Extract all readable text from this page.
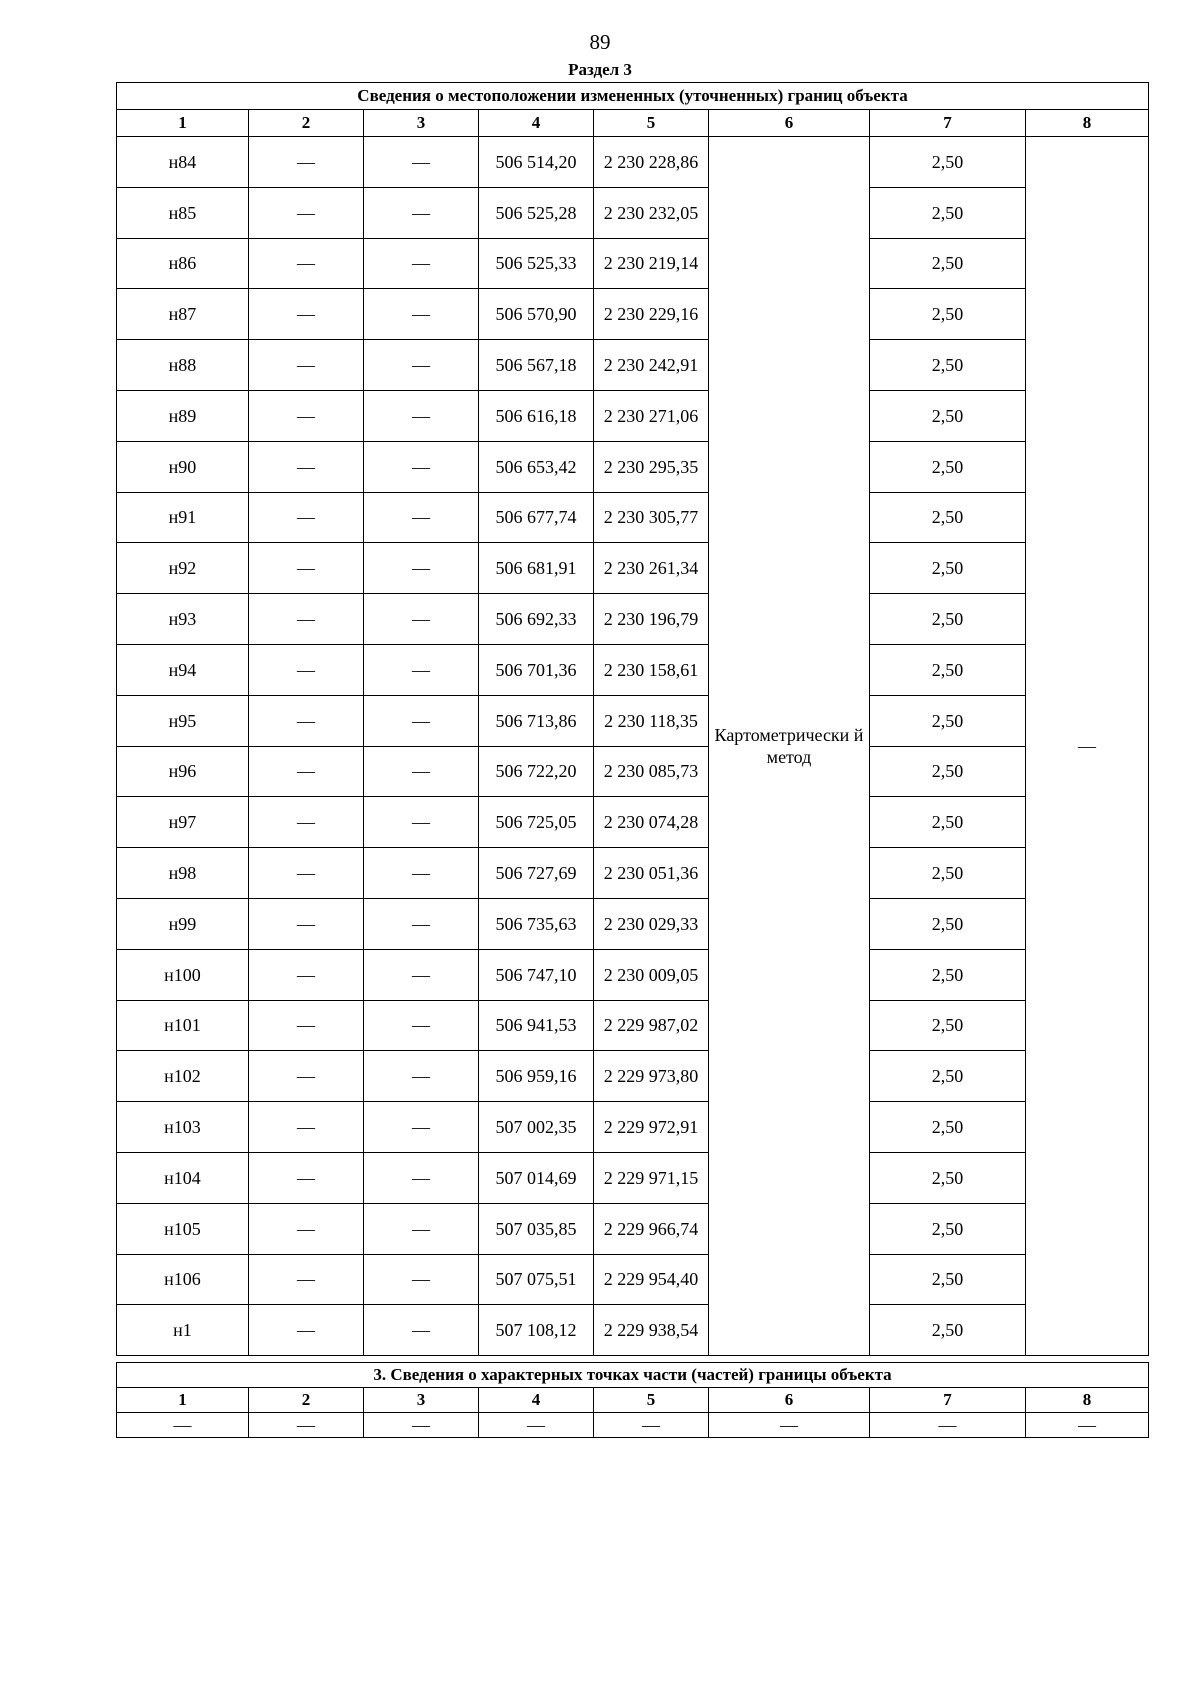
89
Раздел 3
Сведения о местоположении измененных (уточненных) границ объекта							
1	2	3	4	5	6	7	8
н84	—	—	506 514,20	2 230 228,86	Картометрически й метод	2,50	—
н85	—	—	506 525,28	2 230 232,05		2,50	
н86	—	—	506 525,33	2 230 219,14		2,50	
н87	—	—	506 570,90	2 230 229,16		2,50	
н88	—	—	506 567,18	2 230 242,91		2,50	
н89	—	—	506 616,18	2 230 271,06		2,50	
н90	—	—	506 653,42	2 230 295,35		2,50	
н91	—	—	506 677,74	2 230 305,77		2,50	
н92	—	—	506 681,91	2 230 261,34		2,50	
н93	—	—	506 692,33	2 230 196,79		2,50	
н94	—	—	506 701,36	2 230 158,61		2,50	
н95	—	—	506 713,86	2 230 118,35		2,50	
н96	—	—	506 722,20	2 230 085,73		2,50	
н97	—	—	506 725,05	2 230 074,28		2,50	
н98	—	—	506 727,69	2 230 051,36		2,50	
н99	—	—	506 735,63	2 230 029,33		2,50	
н100	—	—	506 747,10	2 230 009,05		2,50	
н101	—	—	506 941,53	2 229 987,02		2,50	
н102	—	—	506 959,16	2 229 973,80		2,50	
н103	—	—	507 002,35	2 229 972,91		2,50	
н104	—	—	507 014,69	2 229 971,15		2,50	
н105	—	—	507 035,85	2 229 966,74		2,50	
н106	—	—	507 075,51	2 229 954,40		2,50	
н1	—	—	507 108,12	2 229 938,54		2,50	
3. Сведения о характерных точках части (частей) границы объекта							
1	2	3	4	5	6	7	8
—	—	—	—	—	—	—	—
